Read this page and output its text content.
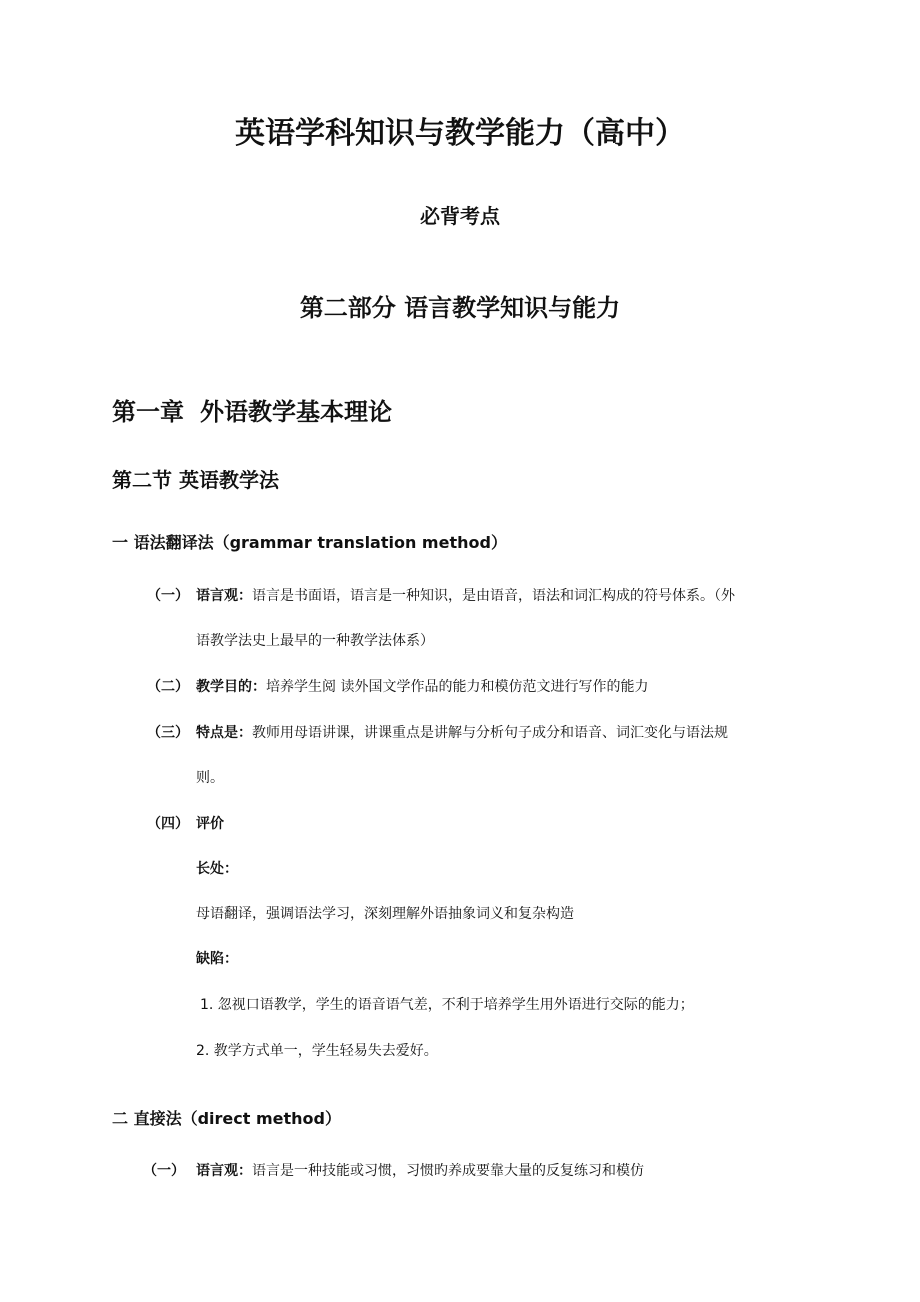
英语学科知识与教学能力（高中）
必背考点
第二部分 语言教学知识与能力
第一章 外语教学基本理论
第二节 英语教学法
一 语法翻译法（grammar translation method）
（一） 语言观：语言是书面语，语言是一种知识，是由语音，语法和词汇构成的符号体系。（外
语教学法史上最早的一种教学法体系）
（二） 教学目的：培养学生阅 读外国文学作品的能力和模仿范文进行写作的能力
（三） 特点是：教师用母语讲课，讲课重点是讲解与分析句子成分和语音、词汇变化与语法规
则。
（四） 评价
长处：
母语翻译，强调语法学习，深刻理解外语抽象词义和复杂构造
缺陷：
1. 忽视口语教学，学生的语音语气差，不利于培养学生用外语进行交际的能力；
2. 教学方式单一，学生轻易失去爱好。
二 直接法（direct method）
（一） 语言观：语言是一种技能或习惯，习惯旳养成要靠大量的反复练习和模仿
